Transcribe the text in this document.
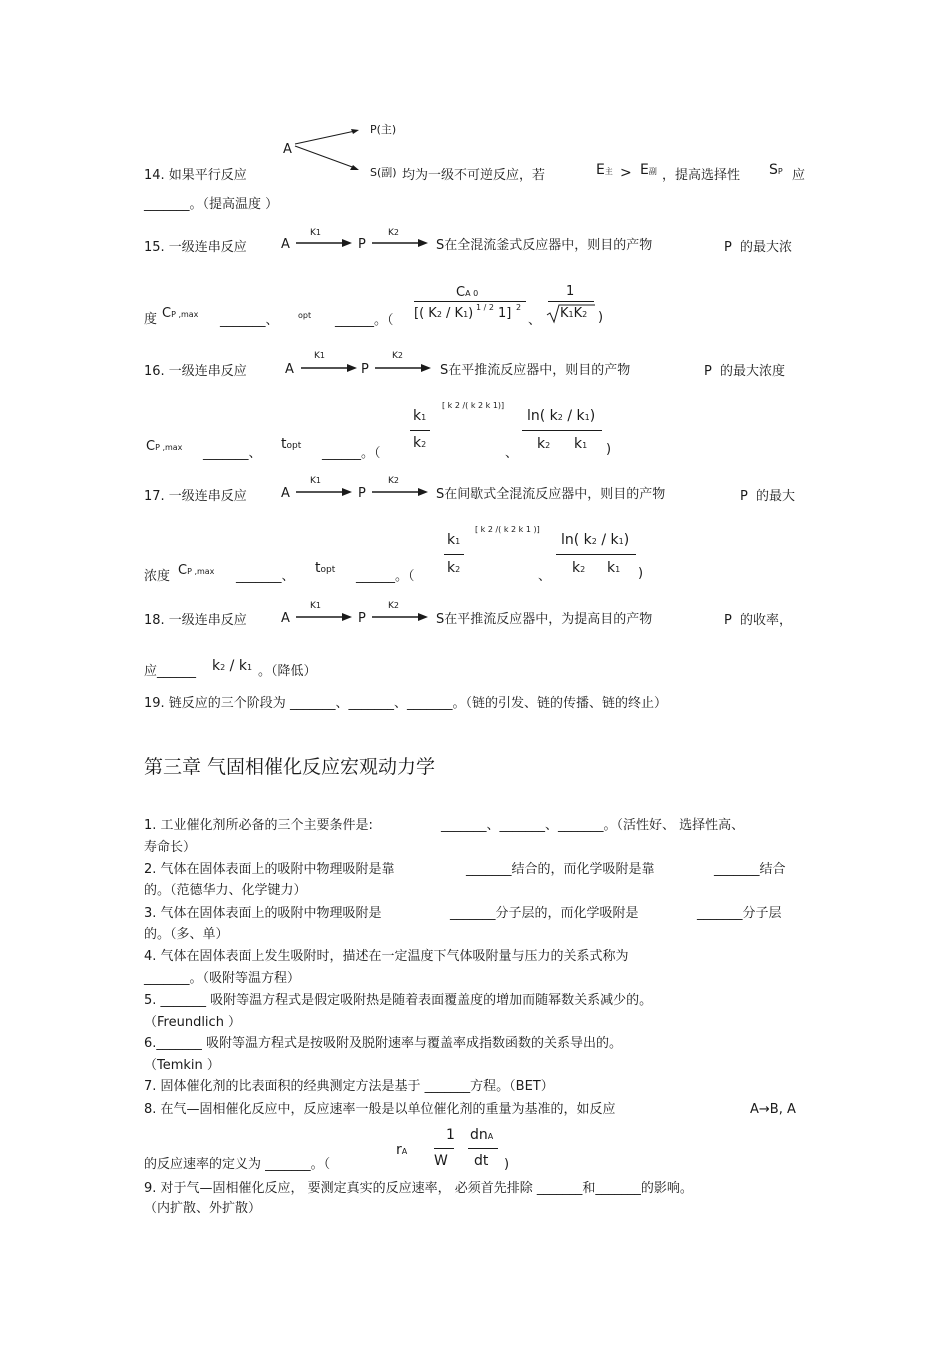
14. 如果平行反应
A
P(主)
S(副) 均为一级不可逆反应，若	E主 > E副 ，提高选择性 SP 应
_______。（提高温度 ）
15. 一级连串反应	A
K1
P
K2
S在全混流釜式反应器中，则目的产物	P 的最大浓
度 CP ,max _______、 opt ______。（
CA 0
[( K2 / K1) 1 / 2 1] 2
、
1
K1K2 )
16. 一级连串反应	A
K1
P
K2
S在平推流反应器中，则目的产物	P 的最大浓度
CP ,max _______、
topt ______。（
k1
k2
[ k 2 /( k 2 k 1)]
、
ln( k2 / k1)
k2 k1 )
17. 一级连串反应	A
K1
P
K2
S在间歇式全混流反应器中，则目的产物	P 的最大
浓度 CP ,max _______、
topt ______。（
k1
k2
[ k 2 /( k 2 k 1 )]
、
ln( k2 / k1)
k2 k1 )
18. 一级连串反应	A
K1
P
K2
S在平推流反应器中，为提高目的产物	P 的收率，
应______ k2 / k1 。（降低）
19. 链反应的三个阶段为 _______、_______、_______。（链的引发、链的传播、链的终止）
第三章 气固相催化反应宏观动力学
1. 工业催化剂所必备的三个主要条件是:	_______、_______、_______。（活性好、 选择性高、
寿命长）
2. 气体在固体表面上的吸附中物理吸附是靠	_______结合的，而化学吸附是靠	_______结合
的。（范德华力、化学键力）
3. 气体在固体表面上的吸附中物理吸附是	_______分子层的，而化学吸附是	_______分子层
的。（多、单）
4. 气体在固体表面上发生吸附时，描述在一定温度下气体吸附量与压力的关系式称为
_______。（吸附等温方程）
5. _______ 吸附等温方程式是假定吸附热是随着表面覆盖度的增加而随幂数关系减少的。
（Freundlich ）
6._______ 吸附等温方程式是按吸附及脱附速率与覆盖率成指数函数的关系导出的。
（Temkin ）
7. 固体催化剂的比表面积的经典测定方法是基于 _______方程。（BET）
8. 在气—固相催化反应中，反应速率一般是以单位催化剂的重量为基准的，如反应	A→B, A
的反应速率的定义为 _______。（
rA
1
W
dnA
dt )
9. 对于气—固相催化反应， 要测定真实的反应速率， 必须首先排除 _______和_______的影响。
（内扩散、外扩散）
